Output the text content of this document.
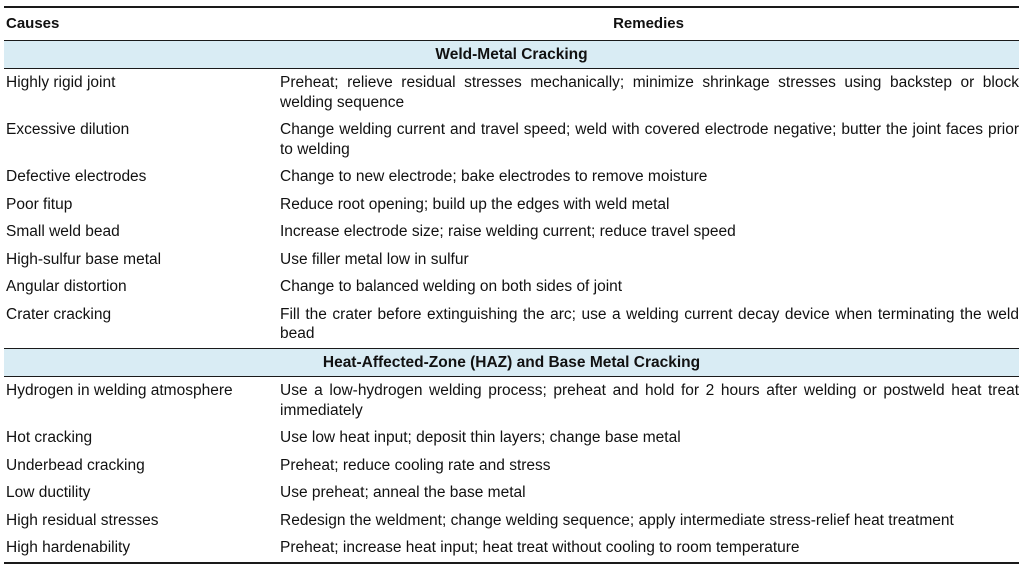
Causes	Remedies
Weld-Metal Cracking	
Highly rigid joint	Preheat; relieve residual stresses mechanically; minimize shrinkage stresses using backstep or block welding sequence
Excessive dilution	Change welding current and travel speed; weld with covered electrode negative; butter the joint faces prior to welding
Defective electrodes	Change to new electrode; bake electrodes to remove moisture
Poor fitup	Reduce root opening; build up the edges with weld metal
Small weld bead	Increase electrode size; raise welding current; reduce travel speed
High-sulfur base metal	Use filler metal low in sulfur
Angular distortion	Change to balanced welding on both sides of joint
Crater cracking	Fill the crater before extinguishing the arc; use a welding current decay device when terminating the weld bead
Heat-Affected-Zone (HAZ) and Base Metal Cracking	
Hydrogen in welding atmosphere	Use a low-hydrogen welding process; preheat and hold for 2 hours after welding or postweld heat treat immediately
Hot cracking	Use low heat input; deposit thin layers; change base metal
Underbead cracking	Preheat; reduce cooling rate and stress
Low ductility	Use preheat; anneal the base metal
High residual stresses	Redesign the weldment; change welding sequence; apply intermediate stress-relief heat treatment
High hardenability	Preheat; increase heat input; heat treat without cooling to room temperature
